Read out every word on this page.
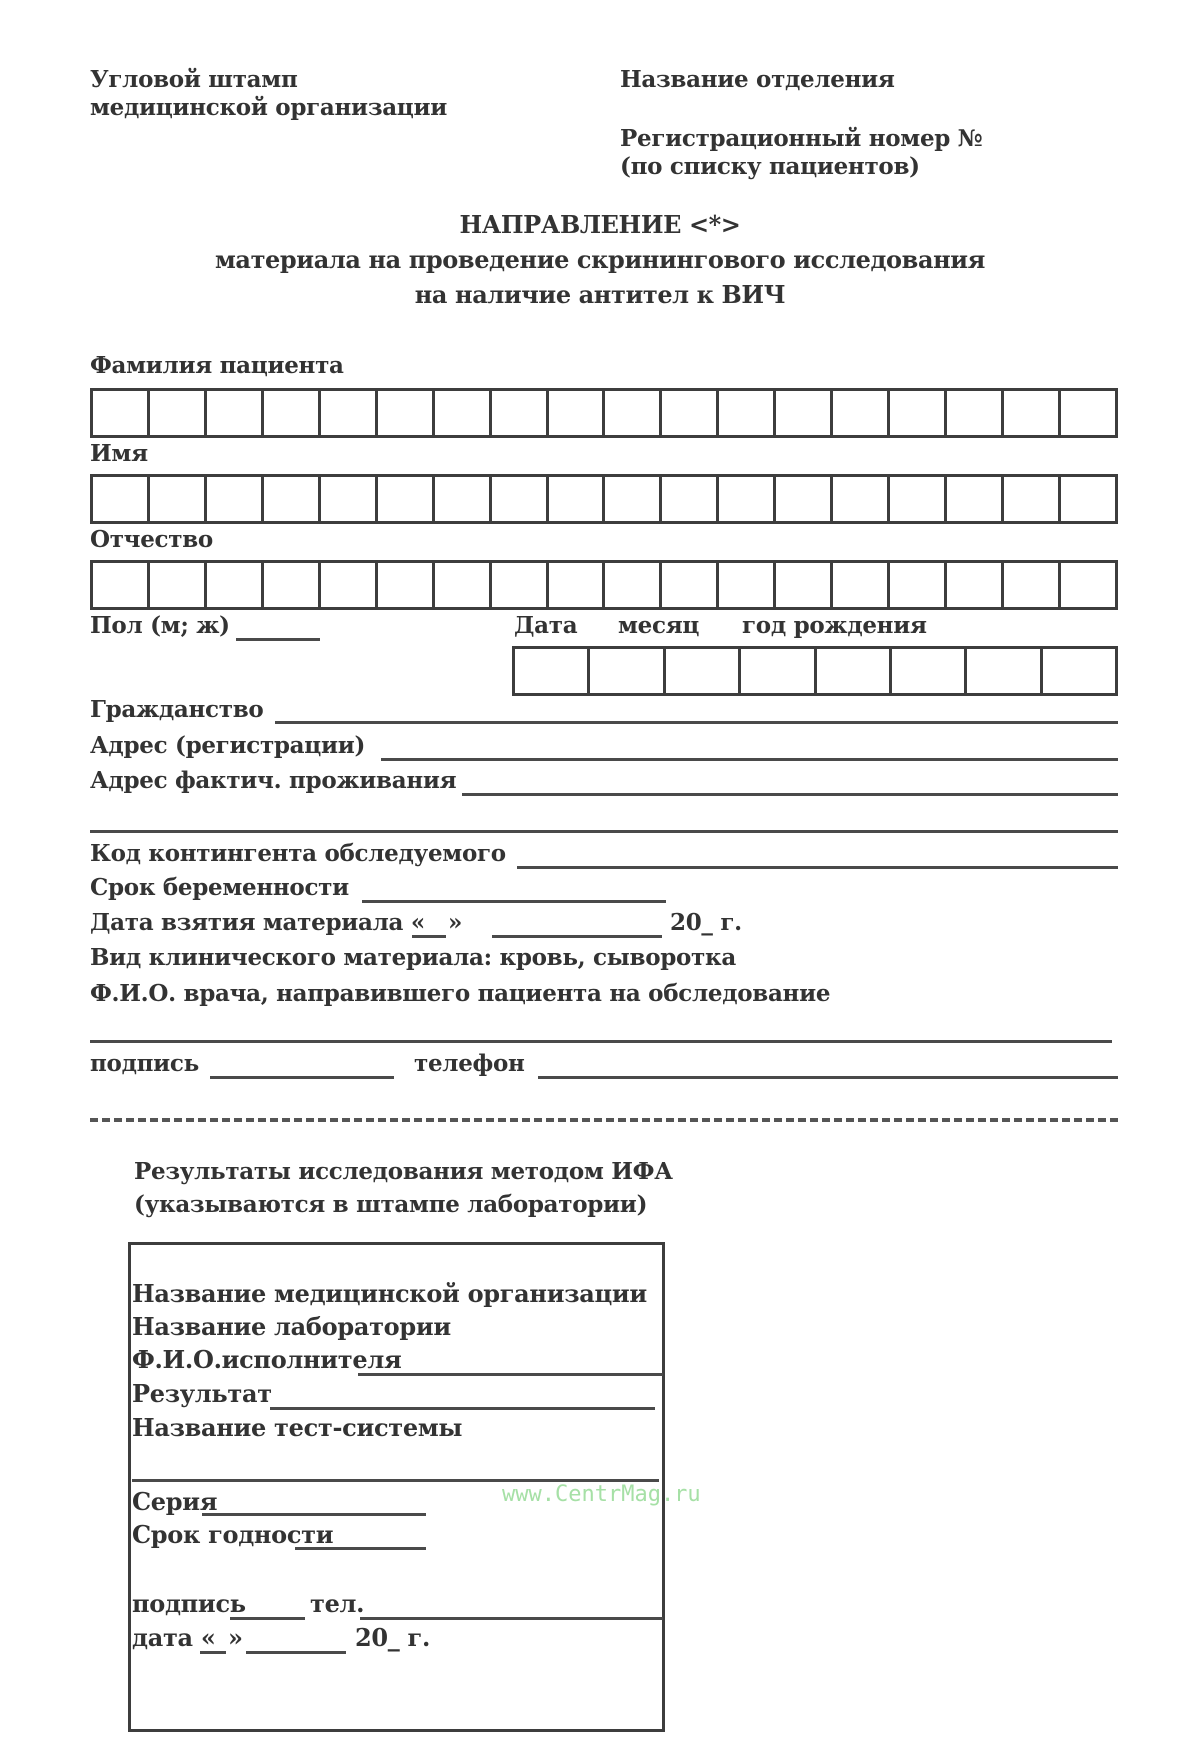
Угловой штамп
медицинской организации
Название отделения
Регистрационный номер №
(по списку пациентов)
НАПРАВЛЕНИЕ <*>
материала на проведение скринингового исследования
на наличие антител к ВИЧ
Фамилия пациента
Имя
Отчество
Пол (м; ж)	Дата месяц год рождения
Гражданство
Адрес (регистрации)
Адрес фактич. проживания
Код контингента обследуемого
Срок беременности
Дата взятия материала « »	20_ г.
Вид клинического материала: кровь, сыворотка
Ф.И.О. врача, направившего пациента на обследование
подпись	телефон
Результаты исследования методом ИФА
(указываются в штампе лаборатории)
Название медицинской организации
Название лаборатории
Ф.И.О.исполнителя
Результат
Название тест-системы
Серия
Срок годности
подпись	тел.
дата « »	20_ г.
www.CentrMag.ru
